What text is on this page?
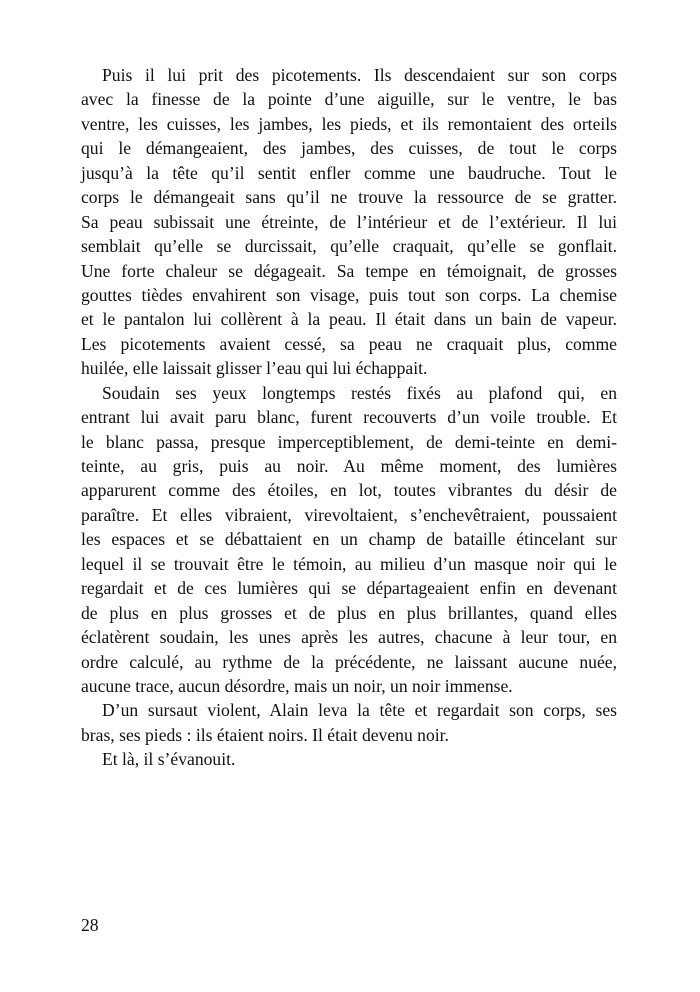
Puis il lui prit des picotements. Ils descendaient sur son corps
avec la finesse de la pointe d’une aiguille, sur le ventre, le bas
ventre, les cuisses, les jambes, les pieds, et ils remontaient des orteils
qui le démangeaient, des jambes, des cuisses, de tout le corps
jusqu’à la tête qu’il sentit enfler comme une baudruche. Tout le
corps le démangeait sans qu’il ne trouve la ressource de se gratter.
Sa peau subissait une étreinte, de l’intérieur et de l’extérieur. Il lui
semblait qu’elle se durcissait, qu’elle craquait, qu’elle se gonflait.
Une forte chaleur se dégageait. Sa tempe en témoignait, de grosses
gouttes tièdes envahirent son visage, puis tout son corps. La chemise
et le pantalon lui collèrent à la peau. Il était dans un bain de vapeur.
Les picotements avaient cessé, sa peau ne craquait plus, comme
huilée, elle laissait glisser l’eau qui lui échappait.
Soudain ses yeux longtemps restés fixés au plafond qui, en
entrant lui avait paru blanc, furent recouverts d’un voile trouble. Et
le blanc passa, presque imperceptiblement, de demi-teinte en demi-
teinte, au gris, puis au noir. Au même moment, des lumières
apparurent comme des étoiles, en lot, toutes vibrantes du désir de
paraître. Et elles vibraient, virevoltaient, s’enchevêtraient, poussaient
les espaces et se débattaient en un champ de bataille étincelant sur
lequel il se trouvait être le témoin, au milieu d’un masque noir qui le
regardait et de ces lumières qui se départageaient enfin en devenant
de plus en plus grosses et de plus en plus brillantes, quand elles
éclatèrent soudain, les unes après les autres, chacune à leur tour, en
ordre calculé, au rythme de la précédente, ne laissant aucune nuée,
aucune trace, aucun désordre, mais un noir, un noir immense.
D’un sursaut violent, Alain leva la tête et regardait son corps, ses
bras, ses pieds : ils étaient noirs. Il était devenu noir.
Et là, il s’évanouit.
28
